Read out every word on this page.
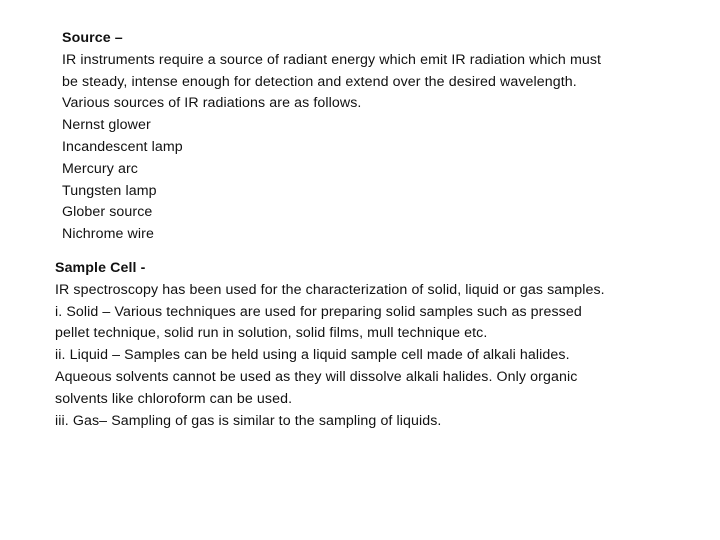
Source –
IR instruments require a source of radiant energy which emit IR radiation which must
be steady, intense enough for detection and extend over the desired wavelength.
Various sources of IR radiations are as follows.
Nernst glower
Incandescent lamp
Mercury arc
Tungsten lamp
Glober source
Nichrome wire
Sample Cell -
IR spectroscopy has been used for the characterization of solid, liquid or gas samples.
i. Solid – Various techniques are used for preparing solid samples such as pressed
pellet technique, solid run in solution, solid films, mull technique etc.
ii. Liquid – Samples can be held using a liquid sample cell made of alkali halides.
Aqueous solvents cannot be used as they will dissolve alkali halides. Only organic
solvents like chloroform can be used.
iii. Gas– Sampling of gas is similar to the sampling of liquids.
